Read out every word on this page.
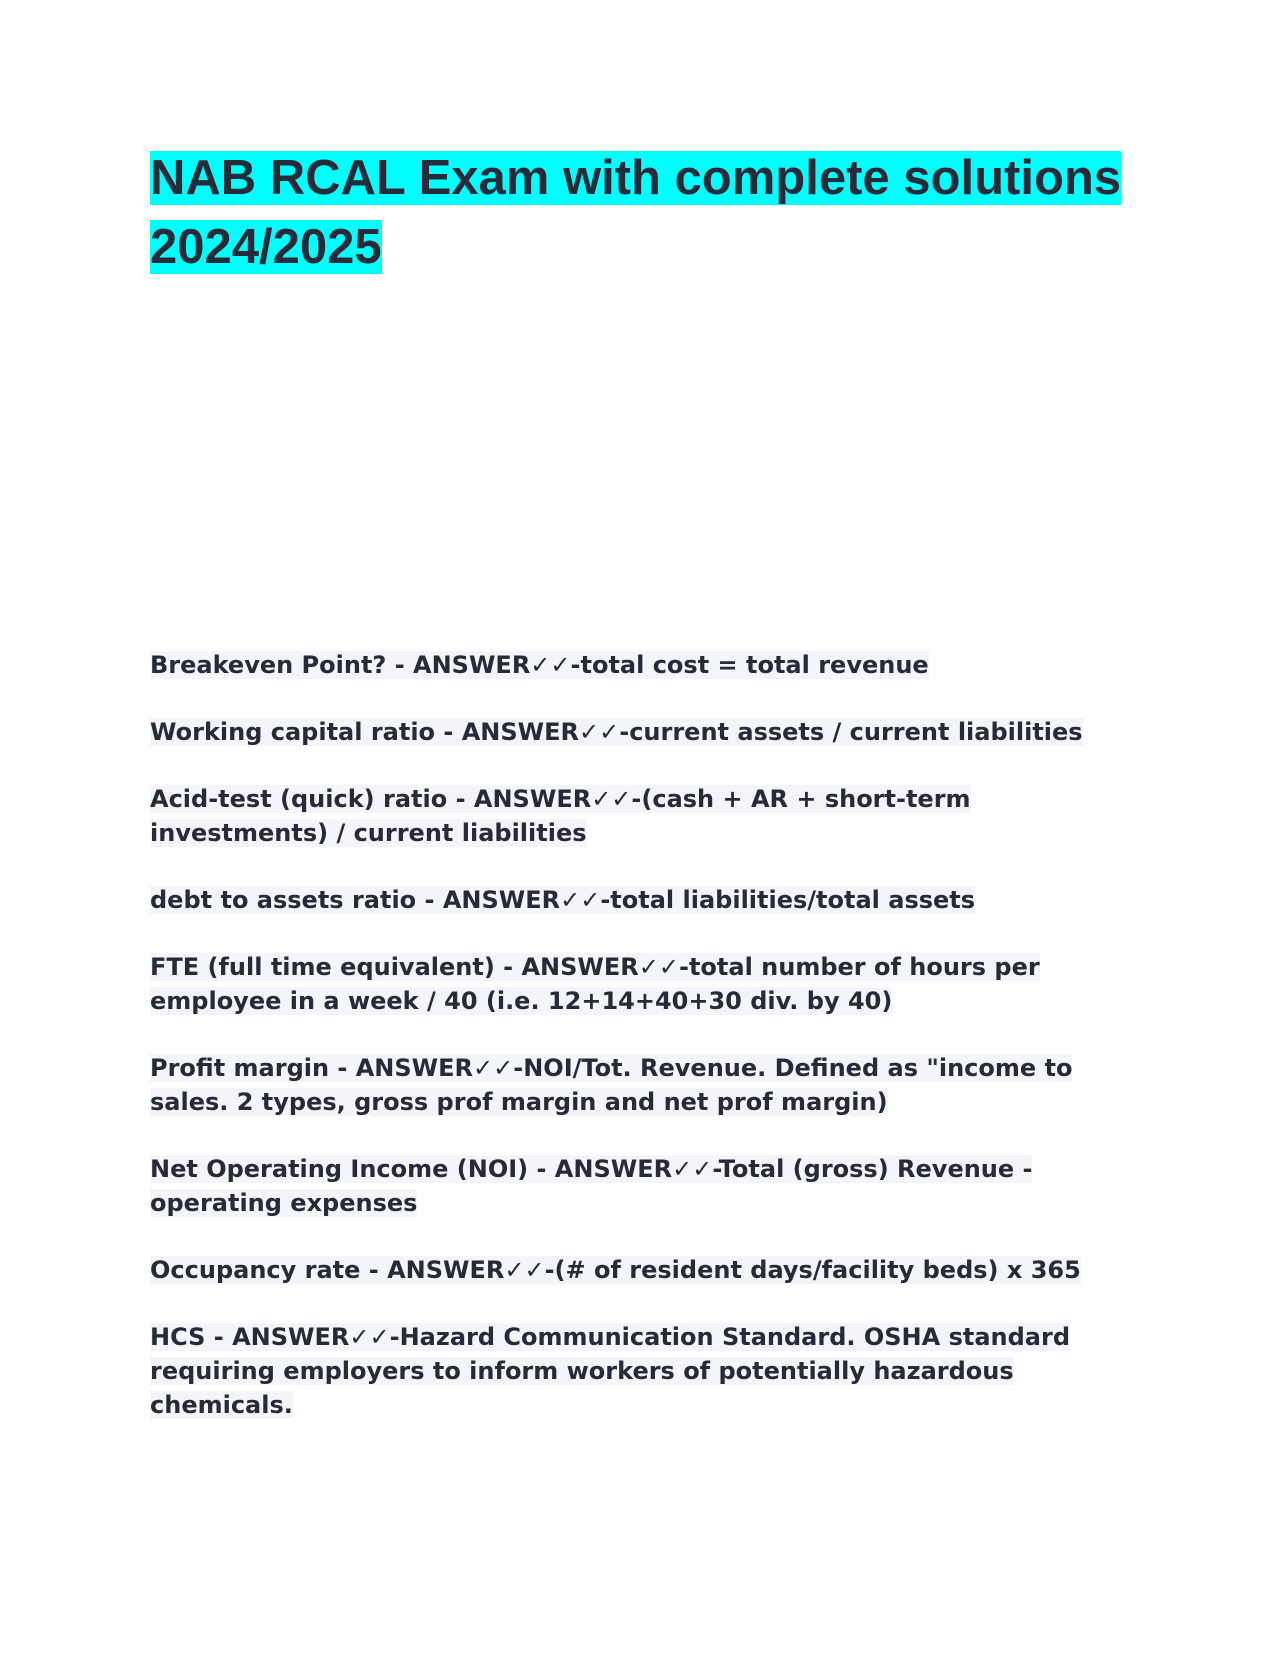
NAB RCAL Exam with complete solutions 2024/2025
Breakeven Point? - ANSWER✓✓-total cost = total revenue
Working capital ratio - ANSWER✓✓-current assets / current liabilities
Acid-test (quick) ratio - ANSWER✓✓-(cash + AR + short-term investments) / current liabilities
debt to assets ratio - ANSWER✓✓-total liabilities/total assets
FTE (full time equivalent) - ANSWER✓✓-total number of hours per employee in a week / 40 (i.e. 12+14+40+30 div. by 40)
Profit margin - ANSWER✓✓-NOI/Tot. Revenue. Defined as "income to sales. 2 types, gross prof margin and net prof margin)
Net Operating Income (NOI) - ANSWER✓✓-Total (gross) Revenue - operating expenses
Occupancy rate - ANSWER✓✓-(# of resident days/facility beds) x 365
HCS - ANSWER✓✓-Hazard Communication Standard. OSHA standard requiring employers to inform workers of potentially hazardous chemicals.
